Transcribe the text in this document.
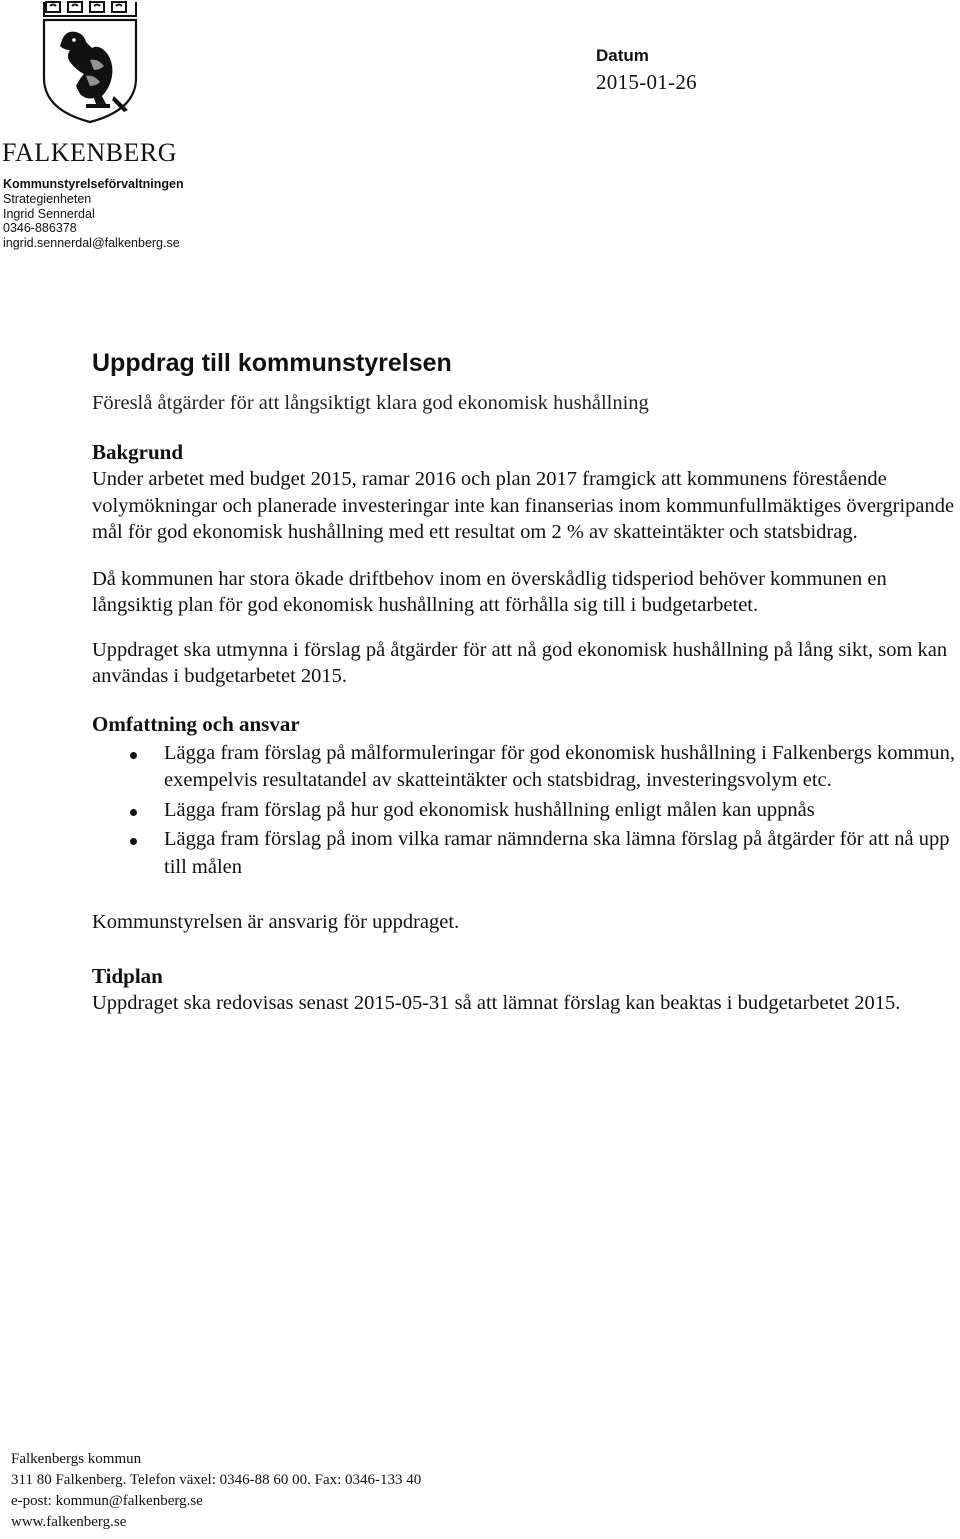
FALKENBERG
Kommunstyrelseförvaltningen
Strategienheten
Ingrid Sennerdal
0346-886378
ingrid.sennerdal@falkenberg.se
Datum
2015-01-26
Uppdrag till kommunstyrelsen
Föreslå åtgärder för att långsiktigt klara god ekonomisk hushållning
Bakgrund
Under arbetet med budget 2015, ramar 2016 och plan 2017 framgick att kommunens förestående volymökningar och planerade investeringar inte kan finanserias inom kommunfullmäktiges övergripande mål för god ekonomisk hushållning med ett resultat om 2 % av skatteintäkter och statsbidrag.
Då kommunen har stora ökade driftbehov inom en överskådlig tidsperiod behöver kommunen en långsiktig plan för god ekonomisk hushållning att förhålla sig till i budgetarbetet.
Uppdraget ska utmynna i förslag på åtgärder för att nå god ekonomisk hushållning på lång sikt, som kan användas i budgetarbetet 2015.
Omfattning och ansvar
Lägga fram förslag på målformuleringar för god ekonomisk hushållning i Falkenbergs kommun, exempelvis resultatandel av skatteintäkter och statsbidrag, investeringsvolym etc.
Lägga fram förslag på hur god ekonomisk hushållning enligt målen kan uppnås
Lägga fram förslag på inom vilka ramar nämnderna ska lämna förslag på åtgärder för att nå upp till målen
Kommunstyrelsen är ansvarig för uppdraget.
Tidplan
Uppdraget ska redovisas senast 2015-05-31 så att lämnat förslag kan beaktas i budgetarbetet 2015.
Falkenbergs kommun
311 80 Falkenberg. Telefon växel: 0346-88 60 00. Fax: 0346-133 40
e-post: kommun@falkenberg.se
www.falkenberg.se
